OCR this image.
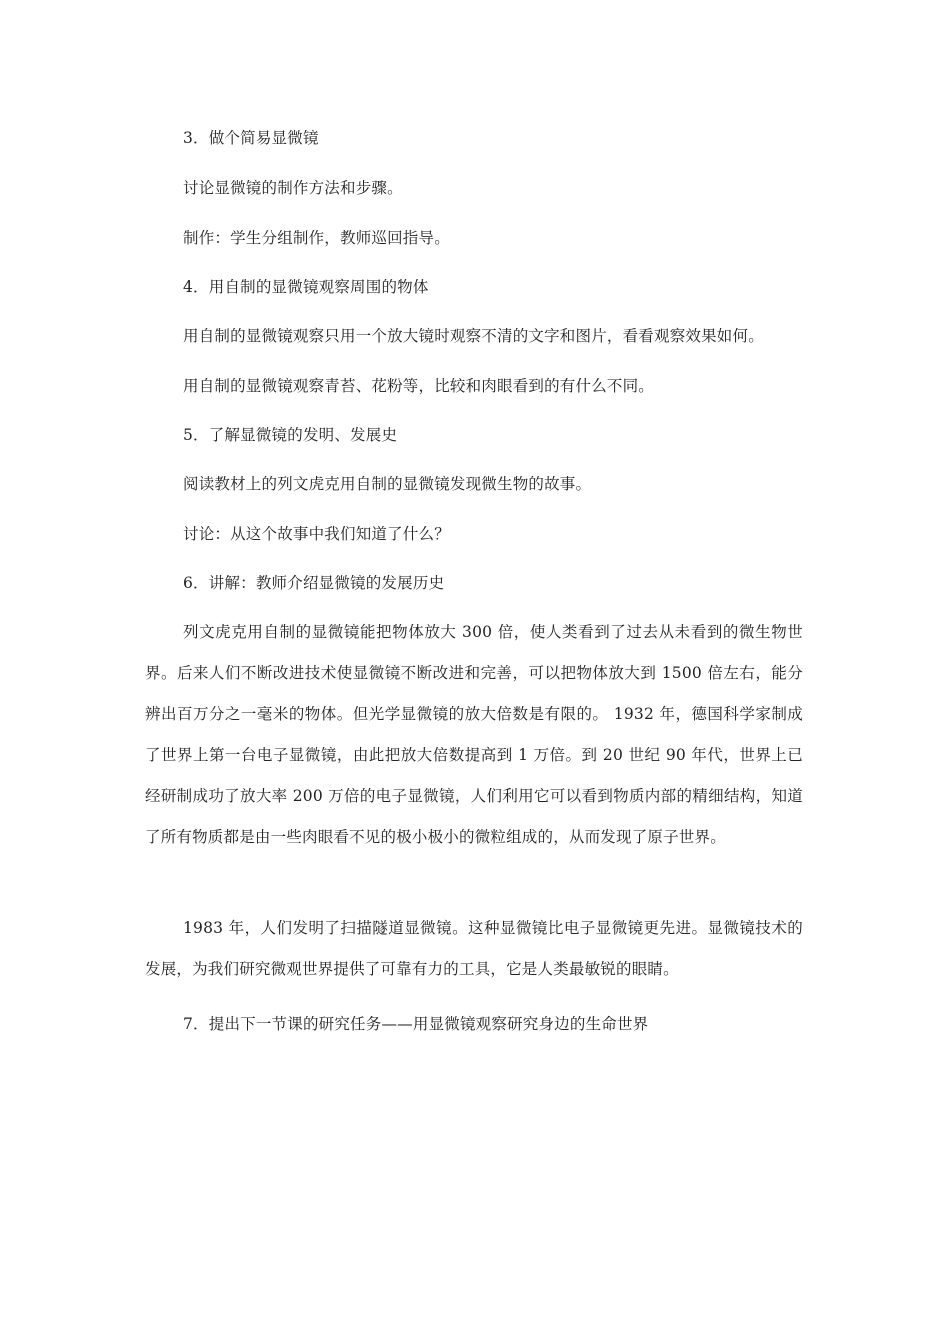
3．做个简易显微镜
讨论显微镜的制作方法和步骤。
制作：学生分组制作，教师巡回指导。
4．用自制的显微镜观察周围的物体
用自制的显微镜观察只用一个放大镜时观察不清的文字和图片，看看观察效果如何。
用自制的显微镜观察青苔、花粉等，比较和肉眼看到的有什么不同。
5．了解显微镜的发明、发展史
阅读教材上的列文虎克用自制的显微镜发现微生物的故事。
讨论：从这个故事中我们知道了什么？
6．讲解：教师介绍显微镜的发展历史
列文虎克用自制的显微镜能把物体放大 300 倍，使人类看到了过去从未看到的微生物世界。后来人们不断改进技术使显微镜不断改进和完善，可以把物体放大到 1500 倍左右，能分辨出百万分之一毫米的物体。但光学显微镜的放大倍数是有限的。 1932 年，德国科学家制成了世界上第一台电子显微镜，由此把放大倍数提高到 1 万倍。到 20 世纪 90 年代，世界上已经研制成功了放大率 200 万倍的电子显微镜，人们利用它可以看到物质内部的精细结构，知道了所有物质都是由一些肉眼看不见的极小极小的微粒组成的，从而发现了原子世界。
1983 年，人们发明了扫描隧道显微镜。这种显微镜比电子显微镜更先进。显微镜技术的发展，为我们研究微观世界提供了可靠有力的工具，它是人类最敏锐的眼睛。
7．提出下一节课的研究任务——用显微镜观察研究身边的生命世界
